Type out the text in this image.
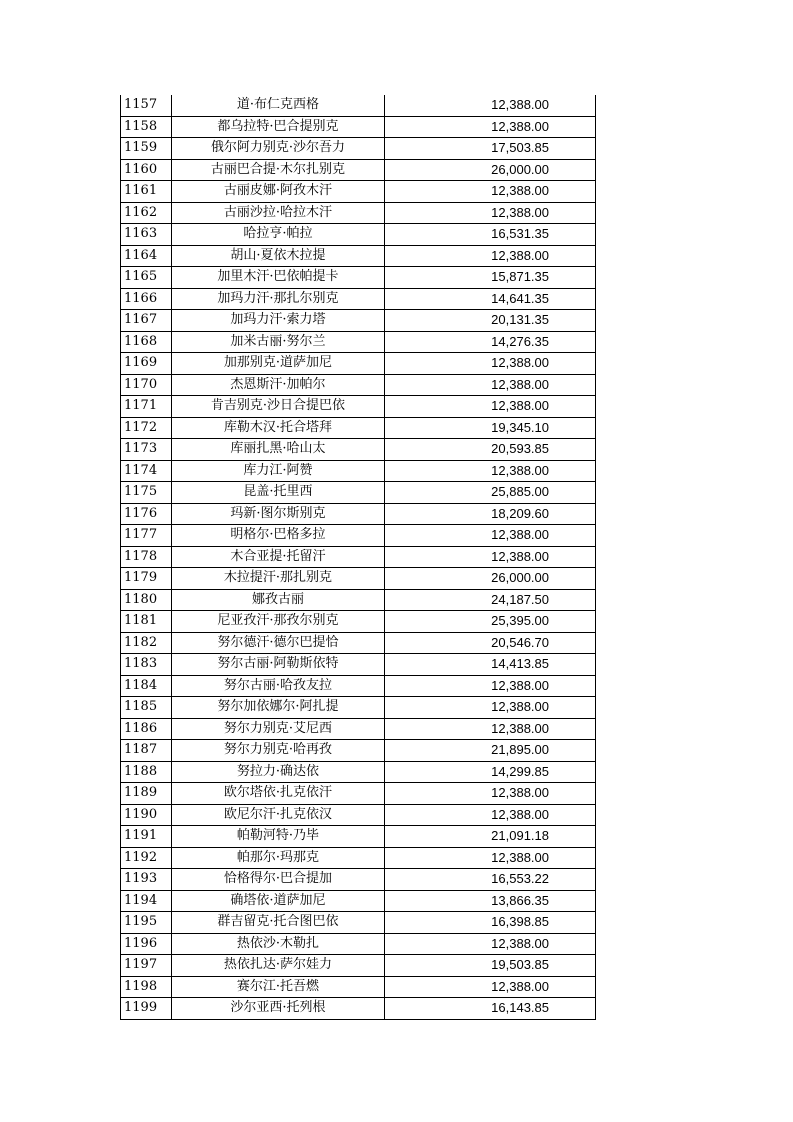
1157	道·布仁克西格	12,388.00
1158	都乌拉特·巴合提别克	12,388.00
1159	俄尔阿力别克·沙尔吾力	17,503.85
1160	古丽巴合提·木尔扎别克	26,000.00
1161	古丽皮娜·阿孜木汗	12,388.00
1162	古丽沙拉·哈拉木汗	12,388.00
1163	哈拉亨·帕拉	16,531.35
1164	胡山·夏依木拉提	12,388.00
1165	加里木汗·巴依帕提卡	15,871.35
1166	加玛力汗·那扎尔别克	14,641.35
1167	加玛力汗·索力塔	20,131.35
1168	加米古丽·努尔兰	14,276.35
1169	加那别克·道萨加尼	12,388.00
1170	杰恩斯汗·加帕尔	12,388.00
1171	肯吉别克·沙日合提巴依	12,388.00
1172	库勒木汉·托合塔拜	19,345.10
1173	库丽扎黑·哈山太	20,593.85
1174	库力江·阿赞	12,388.00
1175	昆盖·托里西	25,885.00
1176	玛新·图尔斯别克	18,209.60
1177	明格尔·巴格多拉	12,388.00
1178	木合亚提·托留汗	12,388.00
1179	木拉提汗·那扎别克	26,000.00
1180	娜孜古丽	24,187.50
1181	尼亚孜汗·那孜尔别克	25,395.00
1182	努尔德汗·德尔巴提恰	20,546.70
1183	努尔古丽·阿勒斯依特	14,413.85
1184	努尔古丽·哈孜友拉	12,388.00
1185	努尔加依娜尔·阿扎提	12,388.00
1186	努尔力别克·艾尼西	12,388.00
1187	努尔力别克·哈再孜	21,895.00
1188	努拉力·确达依	14,299.85
1189	欧尔塔依·扎克依汗	12,388.00
1190	欧尼尔汗·扎克依汉	12,388.00
1191	帕勒河特·乃毕	21,091.18
1192	帕那尔·玛那克	12,388.00
1193	恰格得尔·巴合提加	16,553.22
1194	确塔依·道萨加尼	13,866.35
1195	群吉留克·托合图巴依	16,398.85
1196	热依沙·木勒扎	12,388.00
1197	热依扎达·萨尔娃力	19,503.85
1198	赛尔江·托吾燃	12,388.00
1199	沙尔亚西·托列根	16,143.85
